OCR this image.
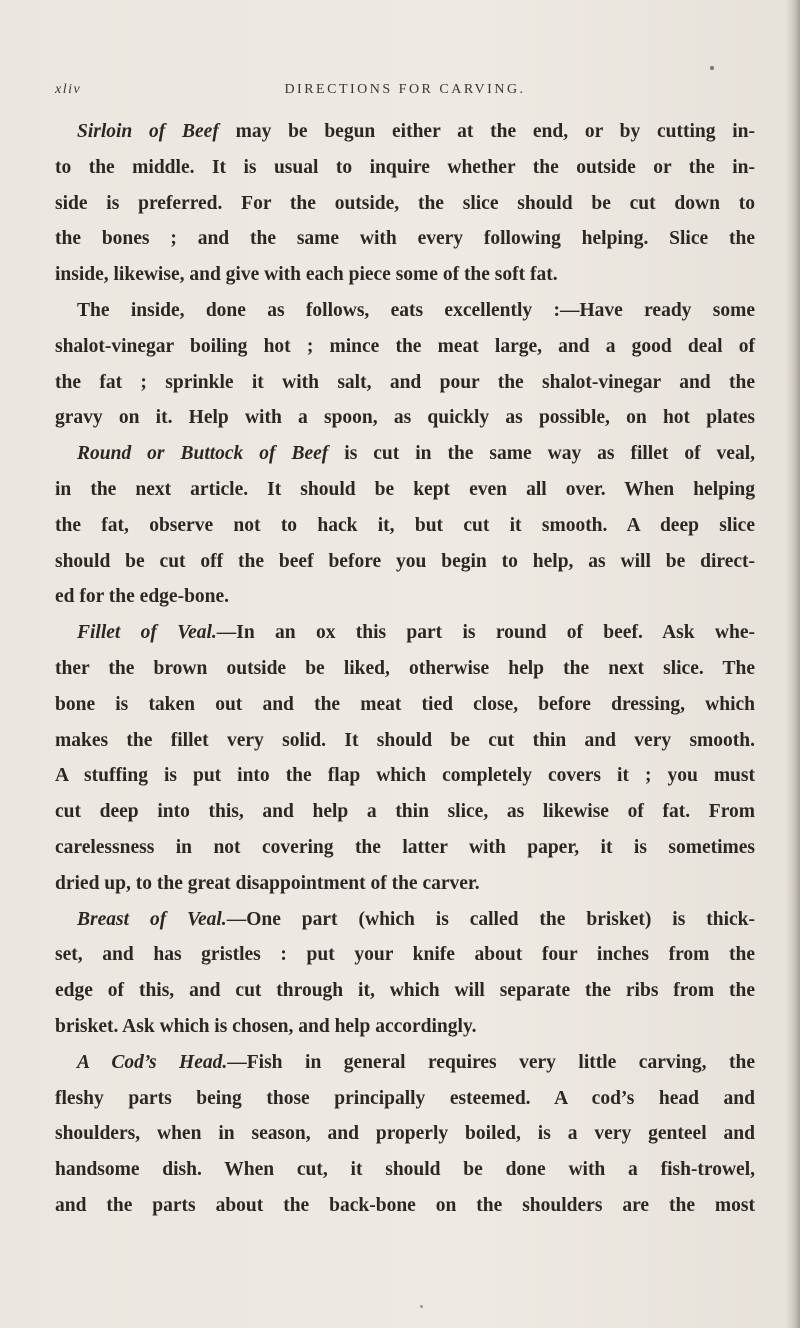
xliv	DIRECTIONS FOR CARVING.
Sirloin of Beef may be begun either at the end, or by cutting in-
to the middle. It is usual to inquire whether the outside or the in-
side is preferred. For the outside, the slice should be cut down to
the bones ; and the same with every following helping. Slice the
inside, likewise, and give with each piece some of the soft fat.
The inside, done as follows, eats excellently :—Have ready some
shalot-vinegar boiling hot ; mince the meat large, and a good deal of
the fat ; sprinkle it with salt, and pour the shalot-vinegar and the
gravy on it. Help with a spoon, as quickly as possible, on hot plates
Round or Buttock of Beef is cut in the same way as fillet of veal,
in the next article. It should be kept even all over. When helping
the fat, observe not to hack it, but cut it smooth. A deep slice
should be cut off the beef before you begin to help, as will be direct-
ed for the edge-bone.
Fillet of Veal.—In an ox this part is round of beef. Ask whe-
ther the brown outside be liked, otherwise help the next slice. The
bone is taken out and the meat tied close, before dressing, which
makes the fillet very solid. It should be cut thin and very smooth.
A stuffing is put into the flap which completely covers it ; you must
cut deep into this, and help a thin slice, as likewise of fat. From
carelessness in not covering the latter with paper, it is sometimes
dried up, to the great disappointment of the carver.
Breast of Veal.—One part (which is called the brisket) is thick-
set, and has gristles : put your knife about four inches from the
edge of this, and cut through it, which will separate the ribs from the
brisket. Ask which is chosen, and help accordingly.
A Cod’s Head.—Fish in general requires very little carving, the
fleshy parts being those principally esteemed. A cod’s head and
shoulders, when in season, and properly boiled, is a very genteel and
handsome dish. When cut, it should be done with a fish-trowel,
and the parts about the back-bone on the shoulders are the most
